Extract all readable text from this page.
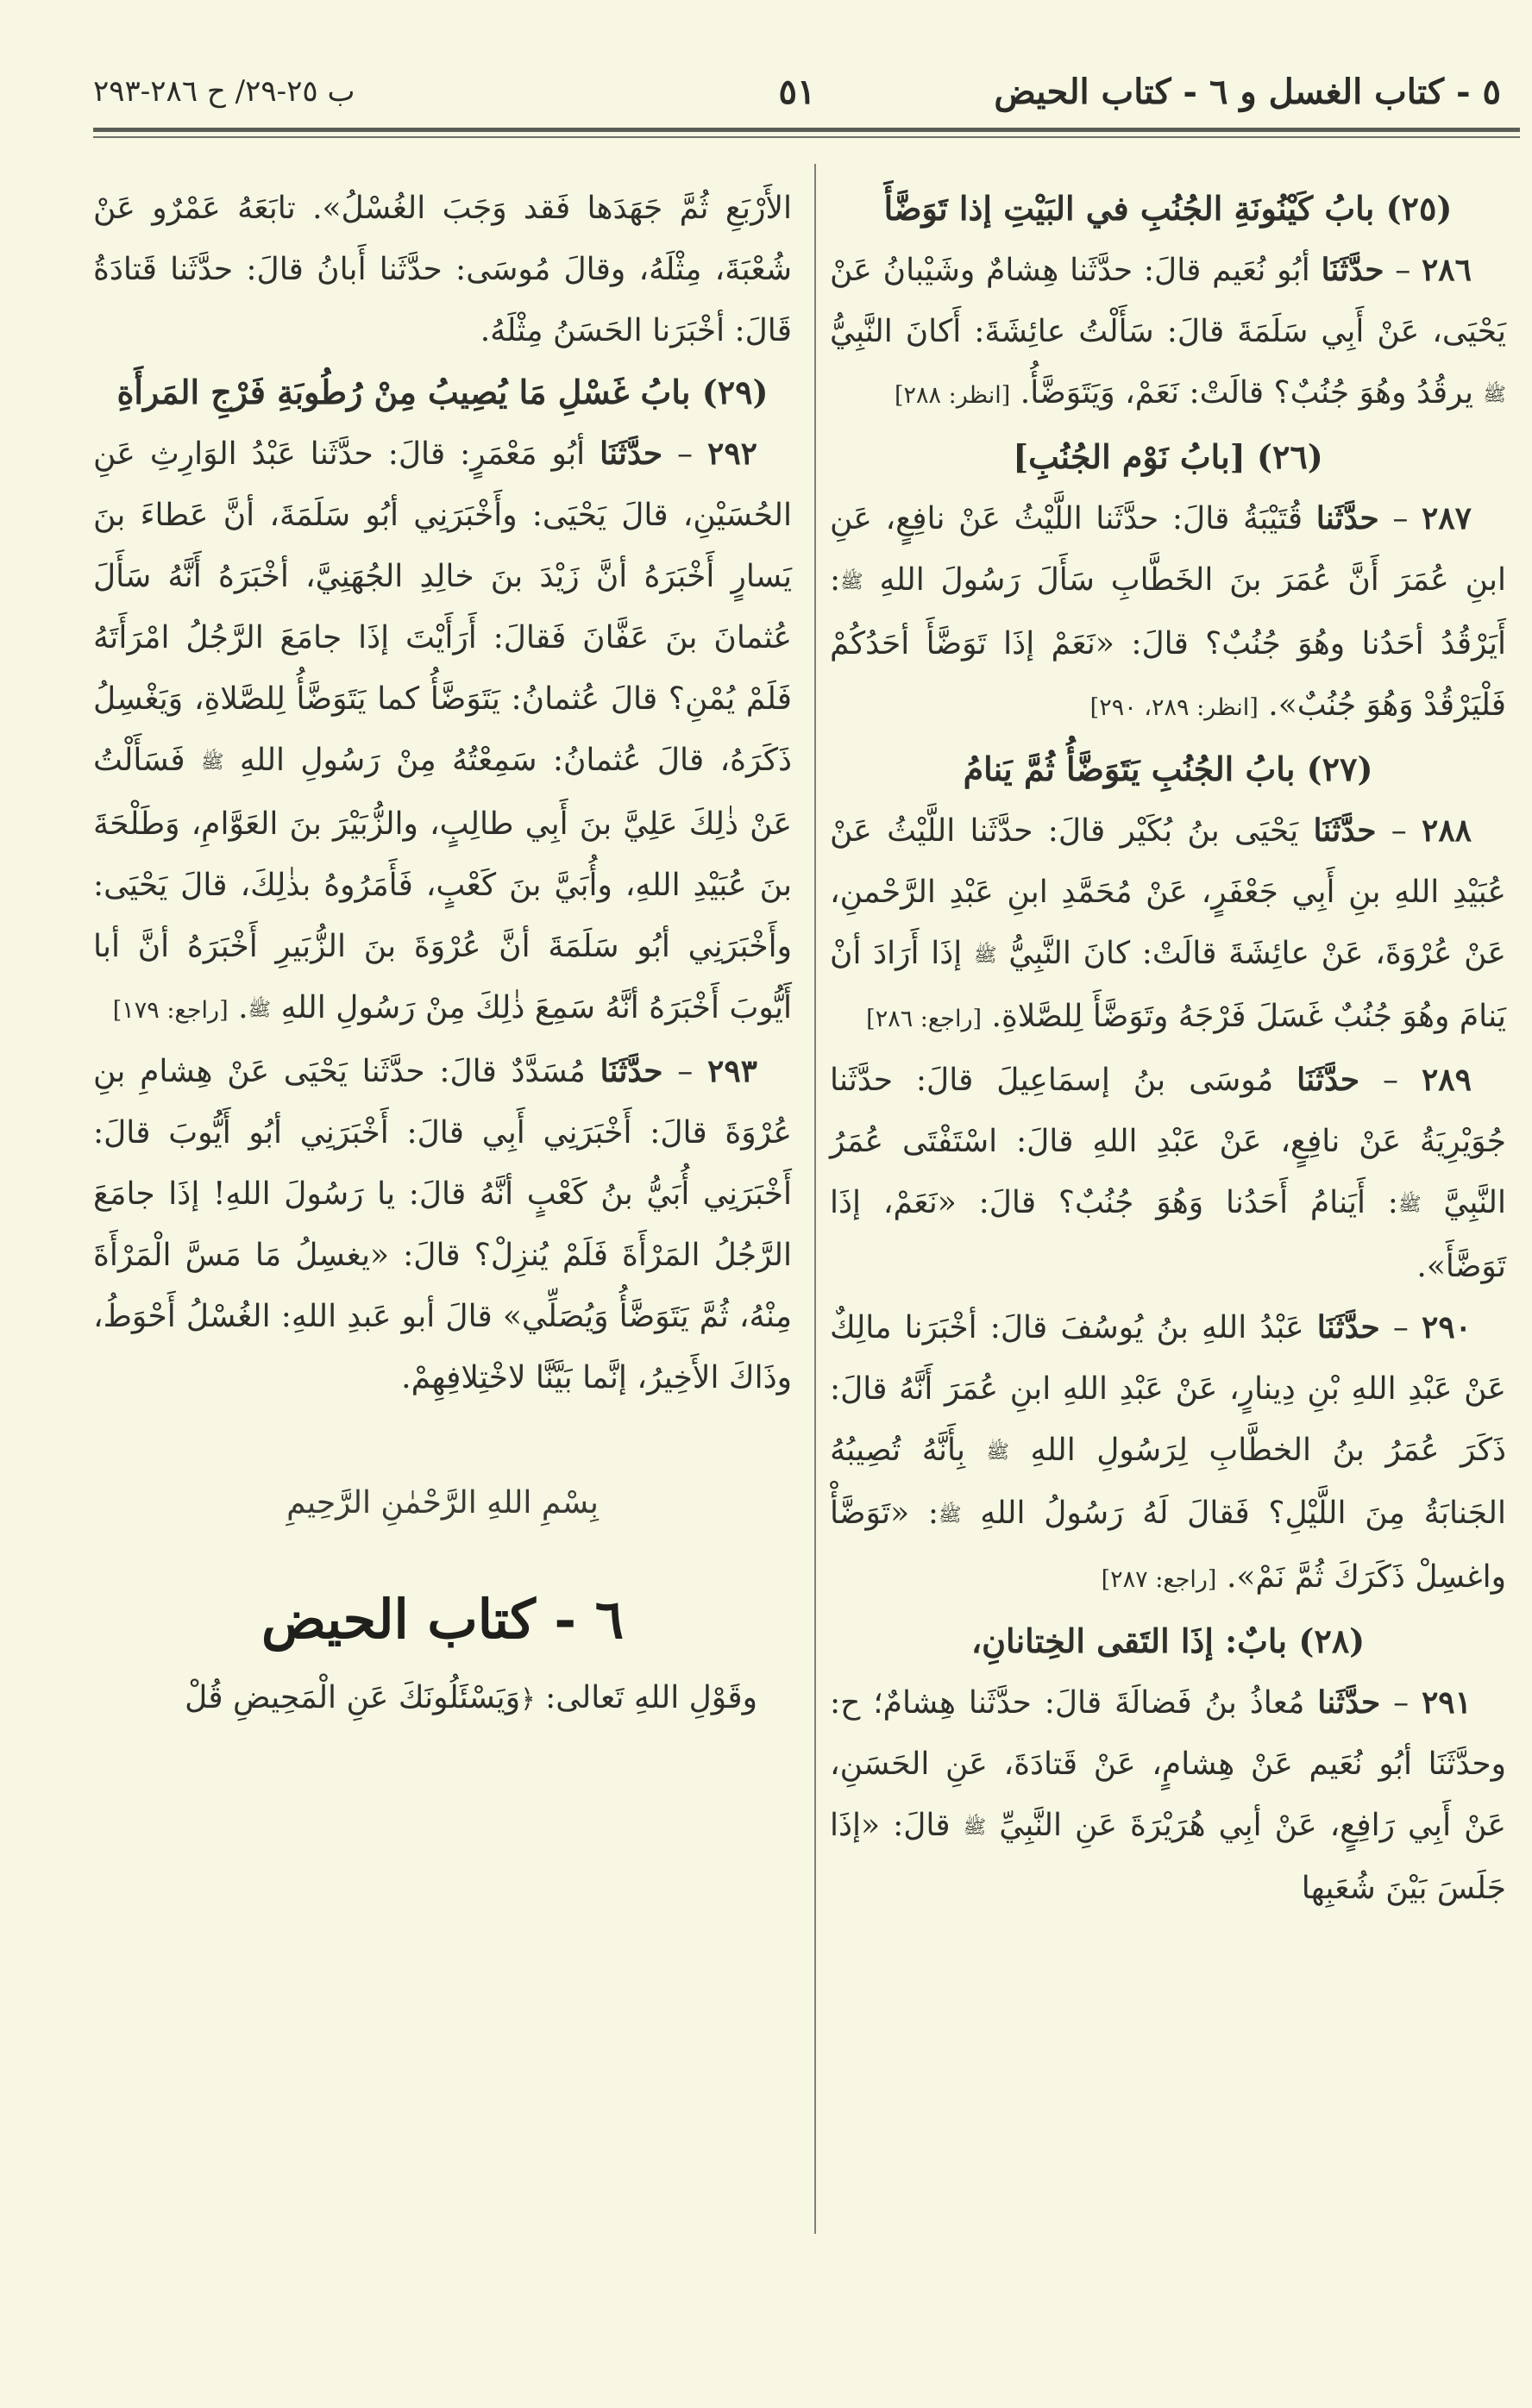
٥ - كتاب الغسل و ٦ - كتاب الحيض
٥١
ب ٢٥-٢٩/ ح ٢٨٦-٢٩٣
(٢٥) بابُ كَيْنُونَةِ الجُنُبِ في البَيْتِ إذا تَوَضَّأَ

٢٨٦ – حدَّثَنَا أبُو نُعَيم قالَ: حدَّثَنا هِشامٌ وشَيْبانُ عَنْ يَحْيَى، عَنْ أَبِي سَلَمَةَ قالَ: سَأَلْتُ عائِشَةَ: أَكانَ النَّبِيُّ ﷺ يرقُدُ وهُوَ جُنُبٌ؟ قالَتْ: نَعَمْ، وَيَتَوَضَّأُ. [انظر: ٢٨٨]

(٢٦) [بابُ نَوْم الجُنُبِ]

٢٨٧ – حدَّثَنا قُتَيْبَةُ قالَ: حدَّثَنا اللَّيْثُ عَنْ نافِعٍ، عَنِ ابنِ عُمَرَ أَنَّ عُمَرَ بنَ الخَطَّابِ سَأَلَ رَسُولَ اللهِ ﷺ: أَيَرْقُدُ أحَدُنا وهُوَ جُنُبٌ؟ قالَ: «نَعَمْ إذَا تَوَضَّأَ أحَدُكُمْ فَلْيَرْقُدْ وَهُوَ جُنُبٌ». [انظر: ٢٨٩، ٢٩٠]

(٢٧) بابُ الجُنُبِ يَتَوَضَّأُ ثُمَّ يَنامُ

٢٨٨ – حدَّثَنَا يَحْيَى بنُ بُكَيْر قالَ: حدَّثَنا اللَّيْثُ عَنْ عُبَيْدِ اللهِ بنِ أَبِي جَعْفَرٍ، عَنْ مُحَمَّدِ ابنِ عَبْدِ الرَّحْمنِ، عَنْ عُرْوَةَ، عَنْ عائِشَةَ قالَتْ: كانَ النَّبِيُّ ﷺ إذَا أَرَادَ أنْ يَنامَ وهُوَ جُنُبٌ غَسَلَ فَرْجَهُ وتَوَضَّأَ لِلصَّلاةِ. [راجع: ٢٨٦]

٢٨٩ – حدَّثَنَا مُوسَى بنُ إسمَاعِيلَ قالَ: حدَّثَنا جُوَيْرِيَةُ عَنْ نافِعٍ، عَنْ عَبْدِ اللهِ قالَ: اسْتَفْتَى عُمَرُ النَّبِيَّ ﷺ: أَيَنامُ أَحَدُنا وَهُوَ جُنُبٌ؟ قالَ: «نَعَمْ، إذَا تَوَضَّأَ».

٢٩٠ – حدَّثَنَا عَبْدُ اللهِ بنُ يُوسُفَ قالَ: أخْبَرَنا مالِكٌ عَنْ عَبْدِ اللهِ بْنِ دِينارٍ، عَنْ عَبْدِ اللهِ ابنِ عُمَرَ أَنَّهُ قالَ: ذَكَرَ عُمَرُ بنُ الخطَّابِ لِرَسُولِ اللهِ ﷺ بِأَنَّهُ تُصِيبُهُ الجَنابَةُ مِنَ اللَّيْلِ؟ فَقالَ لَهُ رَسُولُ اللهِ ﷺ: «تَوَضَّأْ واغسِلْ ذَكَرَكَ ثُمَّ نَمْ». [راجع: ٢٨٧]

(٢٨) بابٌ: إذَا التَقى الخِتانانِ،

٢٩١ – حدَّثَنا مُعاذُ بنُ فَضالَةَ قالَ: حدَّثَنا هِشامٌ؛ ح: وحدَّثَنَا أبُو نُعَيم عَنْ هِشامٍ، عَنْ قَتادَةَ، عَنِ الحَسَنِ، عَنْ أَبِي رَافِعٍ، عَنْ أبِي هُرَيْرَةَ عَنِ النَّبِيِّ ﷺ قالَ: «إذَا جَلَسَ بَيْنَ شُعَبِها

الأَرْبَعِ ثُمَّ جَهَدَها فَقد وَجَبَ الغُسْلُ». تابَعَهُ عَمْرٌو عَنْ شُعْبَةَ، مِثْلَهُ، وقالَ مُوسَى: حدَّثَنا أَبانُ قالَ: حدَّثَنا قَتادَةُ قَالَ: أخْبَرَنا الحَسَنُ مِثْلَهُ.

(٢٩) بابُ غَسْلِ مَا يُصِيبُ مِنْ رُطُوبَةِ فَرْجِ المَرأَةِ

٢٩٢ – حدَّثَنَا أبُو مَعْمَرٍ: قالَ: حدَّثَنا عَبْدُ الوَارِثِ عَنِ الحُسَيْنِ، قالَ يَحْيَى: وأَخْبَرَنِي أبُو سَلَمَةَ، أنَّ عَطاءَ بنَ يَسارٍ أَخْبَرَهُ أنَّ زَيْدَ بنَ خالِدِ الجُهَنِيَّ، أخْبَرَهُ أَنَّهُ سَأَلَ عُثمانَ بنَ عَفَّانَ فَقالَ: أَرَأَيْتَ إذَا جامَعَ الرَّجُلُ امْرَأَتَهُ فَلَمْ يُمْنِ؟ قالَ عُثمانُ: يَتَوَضَّأُ كما يَتَوَضَّأُ لِلصَّلاةِ، وَيَغْسِلُ ذَكَرَهُ، قالَ عُثمانُ: سَمِعْتُهُ مِنْ رَسُولِ اللهِ ﷺ فَسَأَلْتُ عَنْ ذٰلِكَ عَلِيَّ بنَ أَبِي طالِبٍ، والزُّبَيْرَ بنَ العَوَّامِ، وَطَلْحَةَ بنَ عُبَيْدِ اللهِ، وأُبَيَّ بنَ كَعْبٍ، فَأَمَرُوهُ بذٰلِكَ، قالَ يَحْيَى: وأَخْبَرَنِي أبُو سَلَمَةَ أنَّ عُرْوَةَ بنَ الزُّبَيرِ أَخْبَرَهُ أنَّ أبا أَيُّوبَ أَخْبَرَهُ أنَّهُ سَمِعَ ذٰلِكَ مِنْ رَسُولِ اللهِ ﷺ. [راجع: ١٧٩]

٢٩٣ – حدَّثَنَا مُسَدَّدٌ قالَ: حدَّثَنا يَحْيَى عَنْ هِشامِ بنِ عُرْوَةَ قالَ: أَخْبَرَنِي أَبِي قالَ: أَخْبَرَنِي أبُو أَيُّوبَ قالَ: أَخْبَرَنِي أُبَيُّ بنُ كَعْبٍ أنَّهُ قالَ: يا رَسُولَ اللهِ! إذَا جامَعَ الرَّجُلُ المَرْأَةَ فَلَمْ يُنزِلْ؟ قالَ: «يغسِلُ مَا مَسَّ الْمَرْأَةَ مِنْهُ، ثُمَّ يَتَوَضَّأُ وَيُصَلِّي» قالَ أبو عَبدِ اللهِ: الغُسْلُ أَحْوَطُ، وذَاكَ الأَخِيرُ، إنَّما بَيَّنَّا لاخْتِلافِهِمْ.

بِسْمِ اللهِ الرَّحْمٰنِ الرَّحِيمِ
٦ - كتاب الحيض

وقَوْلِ اللهِ تَعالى: ﴿وَيَسْئَلُونَكَ عَنِ الْمَحِيضِ قُلْ
